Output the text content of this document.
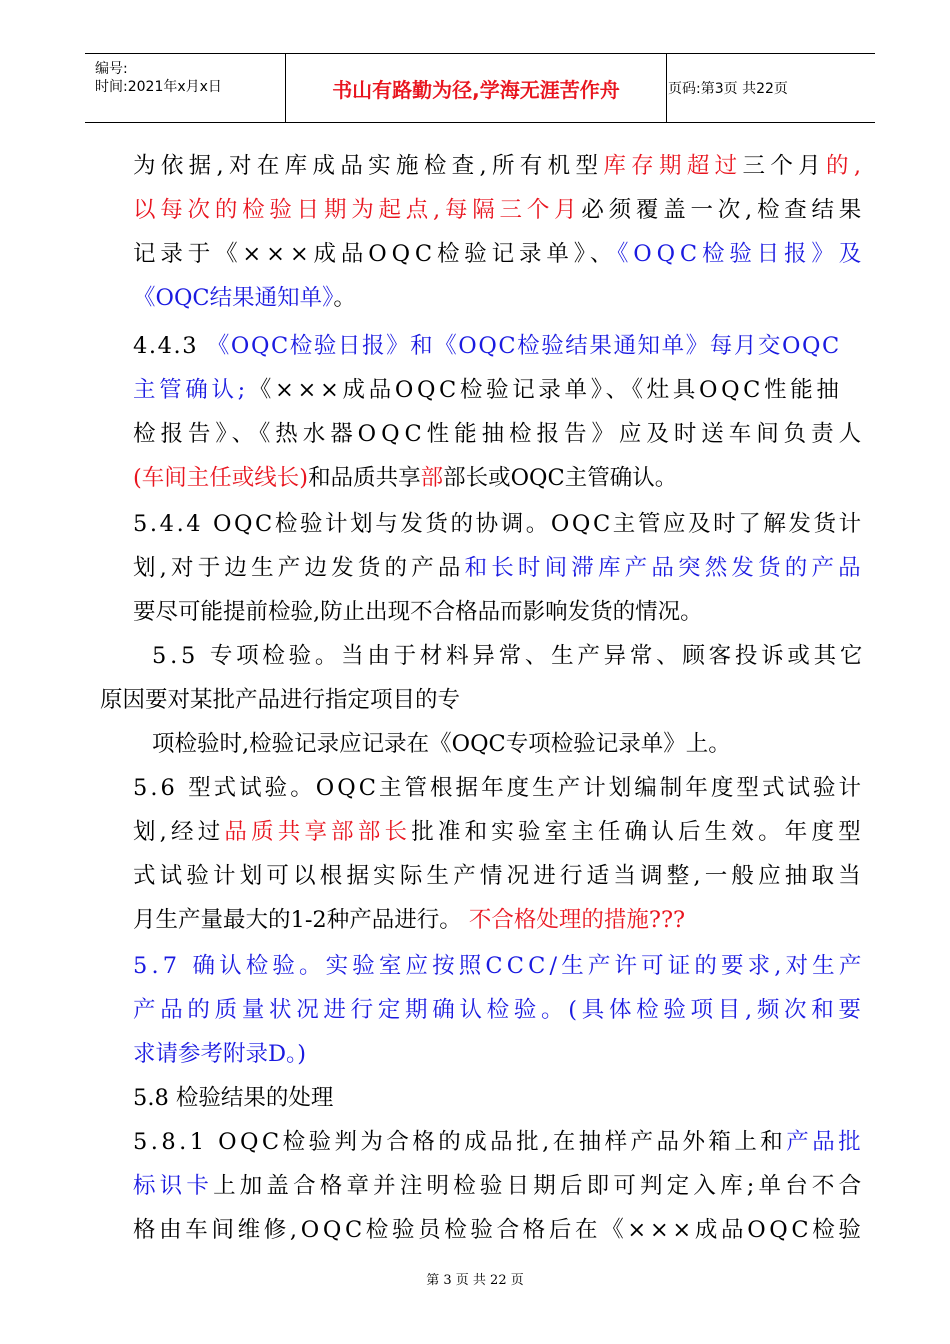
编号:
时间:2021年x月x日	书山有路勤为径,学海无涯苦作舟	页码:第3页 共22页
为依据,对在库成品实施检查,所有机型库存期超过三个月的,
以每次的检验日期为起点,每隔三个月必须覆盖一次,检查结果
记录于《×××成品OQC检验记录单》、《OQC检验日报》及
《OQC结果通知单》。
4.4.3 《OQC检验日报》和《OQC检验结果通知单》每月交OQC
主管确认;《×××成品OQC检验记录单》、《灶具OQC性能抽
检报告》、《热水器OQC性能抽检报告》应及时送车间负责人
(车间主任或线长)和品质共享部部长或OQC主管确认。
5.4.4 OQC检验计划与发货的协调。OQC主管应及时了解发货计
划,对于边生产边发货的产品和长时间滞库产品突然发货的产品
要尽可能提前检验,防止出现不合格品而影响发货的情况。
5.5 专项检验。当由于材料异常、生产异常、顾客投诉或其它
原因要对某批产品进行指定项目的专
项检验时,检验记录应记录在《OQC专项检验记录单》上。
5.6 型式试验。OQC主管根据年度生产计划编制年度型式试验计
划,经过品质共享部部长批准和实验室主任确认后生效。年度型
式试验计划可以根据实际生产情况进行适当调整,一般应抽取当
月生产量最大的1-2种产品进行。 不合格处理的措施???
5.7 确认检验。实验室应按照CCC/生产许可证的要求,对生产
产品的质量状况进行定期确认检验。(具体检验项目,频次和要
求请参考附录D。)
5.8 检验结果的处理
5.8.1 OQC检验判为合格的成品批,在抽样产品外箱上和产品批
标识卡上加盖合格章并注明检验日期后即可判定入库;单台不合
格由车间维修,OQC检验员检验合格后在《×××成品OQC检验
第 3 页 共 22 页
